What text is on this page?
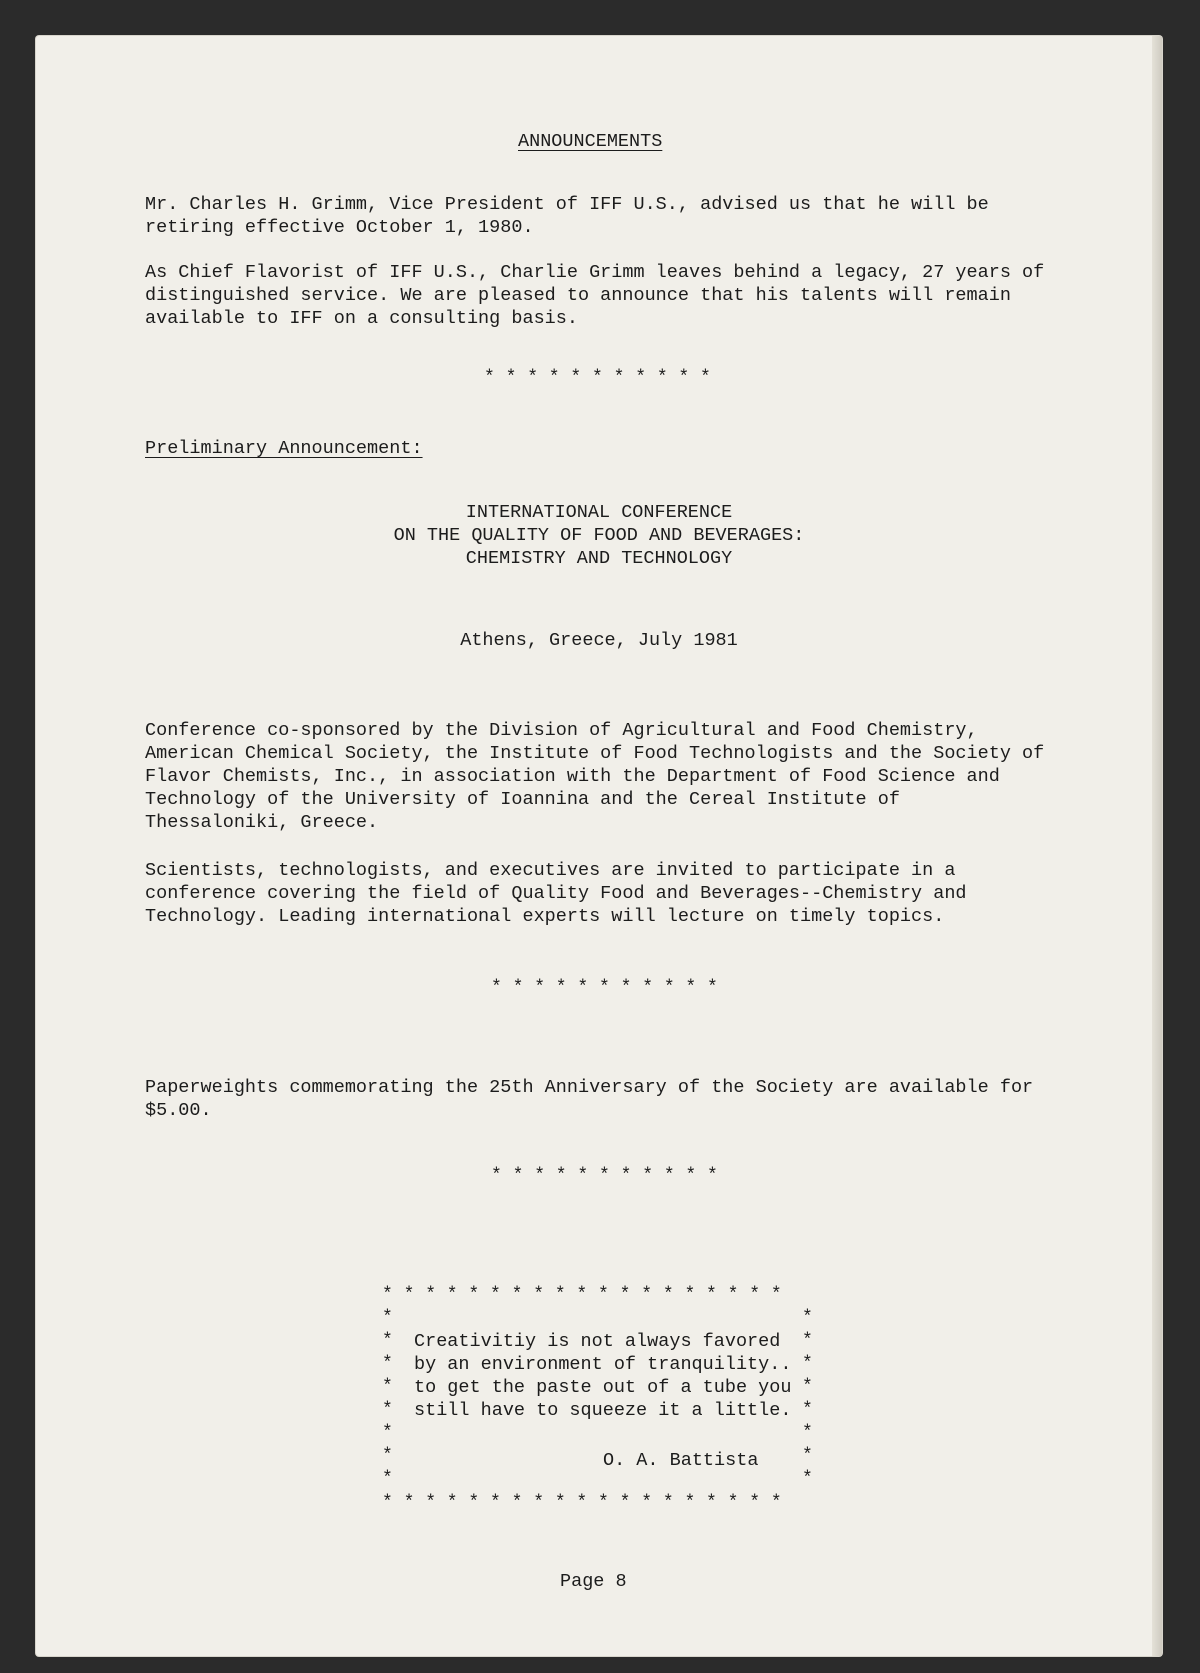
ANNOUNCEMENTS
Mr. Charles H. Grimm, Vice President of IFF U.S., advised us that he will be
retiring effective October 1, 1980.
As Chief Flavorist of IFF U.S., Charlie Grimm leaves behind a legacy, 27 years of
distinguished service. We are pleased to announce that his talents will remain
available to IFF on a consulting basis.
* * * * * * * * * * *
Preliminary Announcement:
INTERNATIONAL CONFERENCE
ON THE QUALITY OF FOOD AND BEVERAGES:
CHEMISTRY AND TECHNOLOGY
Athens, Greece, July 1981
Conference co-sponsored by the Division of Agricultural and Food Chemistry,
American Chemical Society, the Institute of Food Technologists and the Society of
Flavor Chemists, Inc., in association with the Department of Food Science and
Technology of the University of Ioannina and the Cereal Institute of
Thessaloniki, Greece.
Scientists, technologists, and executives are invited to participate in a
conference covering the field of Quality Food and Beverages--Chemistry and
Technology. Leading international experts will lecture on timely topics.
* * * * * * * * * * *
Paperweights commemorating the 25th Anniversary of the Society are available for
$5.00.
* * * * * * * * * * *
* * * * * * * * * * * * * * * * * * *
*
*
*
*
*
*
*
*
*
*
*
*
*
*
*
*
Creativitiy is not always favored
by an environment of tranquility..
to get the paste out of a tube you
still have to squeeze it a little.
O. A. Battista
* * * * * * * * * * * * * * * * * * *
Page 8
